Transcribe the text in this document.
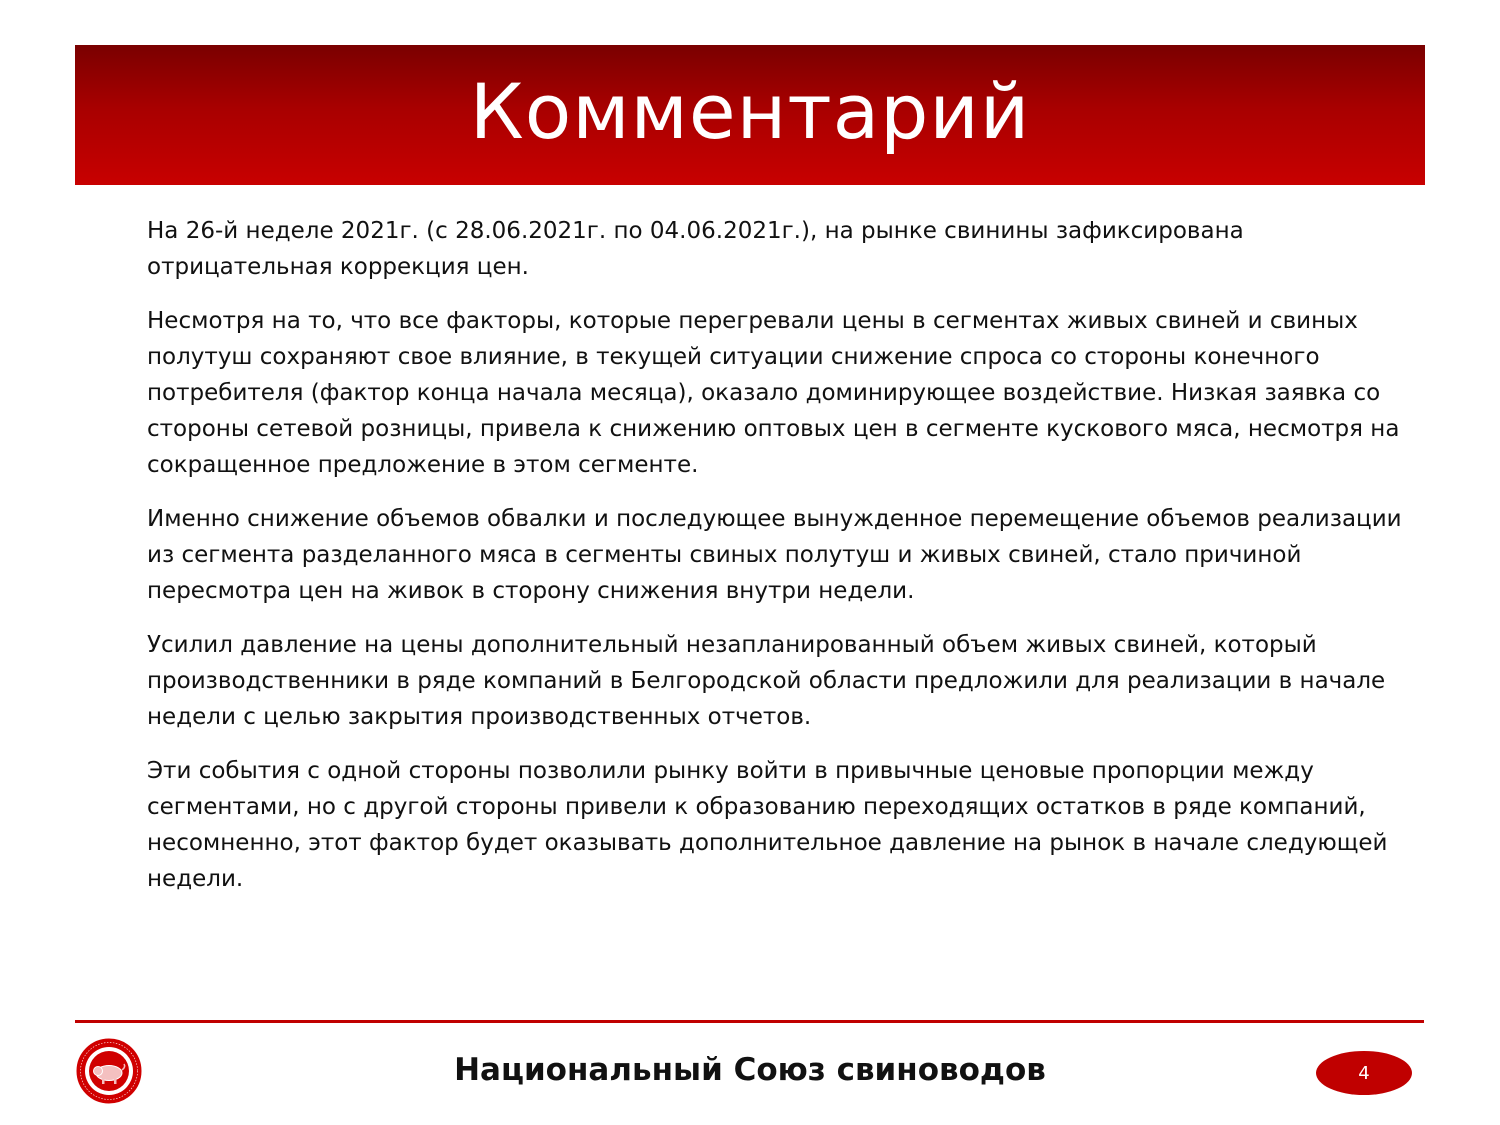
Комментарий

На 26-й неделе 2021г. (с 28.06.2021г. по 04.06.2021г.), на рынке свинины зафиксирована отрицательная коррекция цен.

Несмотря на то, что все факторы, которые перегревали цены в сегментах живых свиней и свиных полутуш сохраняют свое влияние, в текущей ситуации снижение спроса со стороны конечного потребителя (фактор конца начала месяца), оказало доминирующее воздействие. Низкая заявка со стороны сетевой розницы, привела к снижению оптовых цен в сегменте кускового мяса, несмотря на сокращенное предложение в этом сегменте.

Именно снижение объемов обвалки и последующее вынужденное перемещение объемов реализации из сегмента разделанного мяса в сегменты свиных полутуш и живых свиней, стало причиной пересмотра цен на живок в сторону снижения внутри недели.

Усилил давление на цены дополнительный незапланированный объем живых свиней, который производственники в ряде компаний в Белгородской области предложили для реализации в начале недели с целью закрытия производственных отчетов.

Эти события с одной стороны позволили рынку войти в привычные ценовые пропорции между сегментами, но с другой стороны привели к образованию переходящих остатков в ряде компаний, несомненно, этот фактор будет оказывать дополнительное давление на рынок в начале следующей недели.

Национальный Союз свиноводов	4
